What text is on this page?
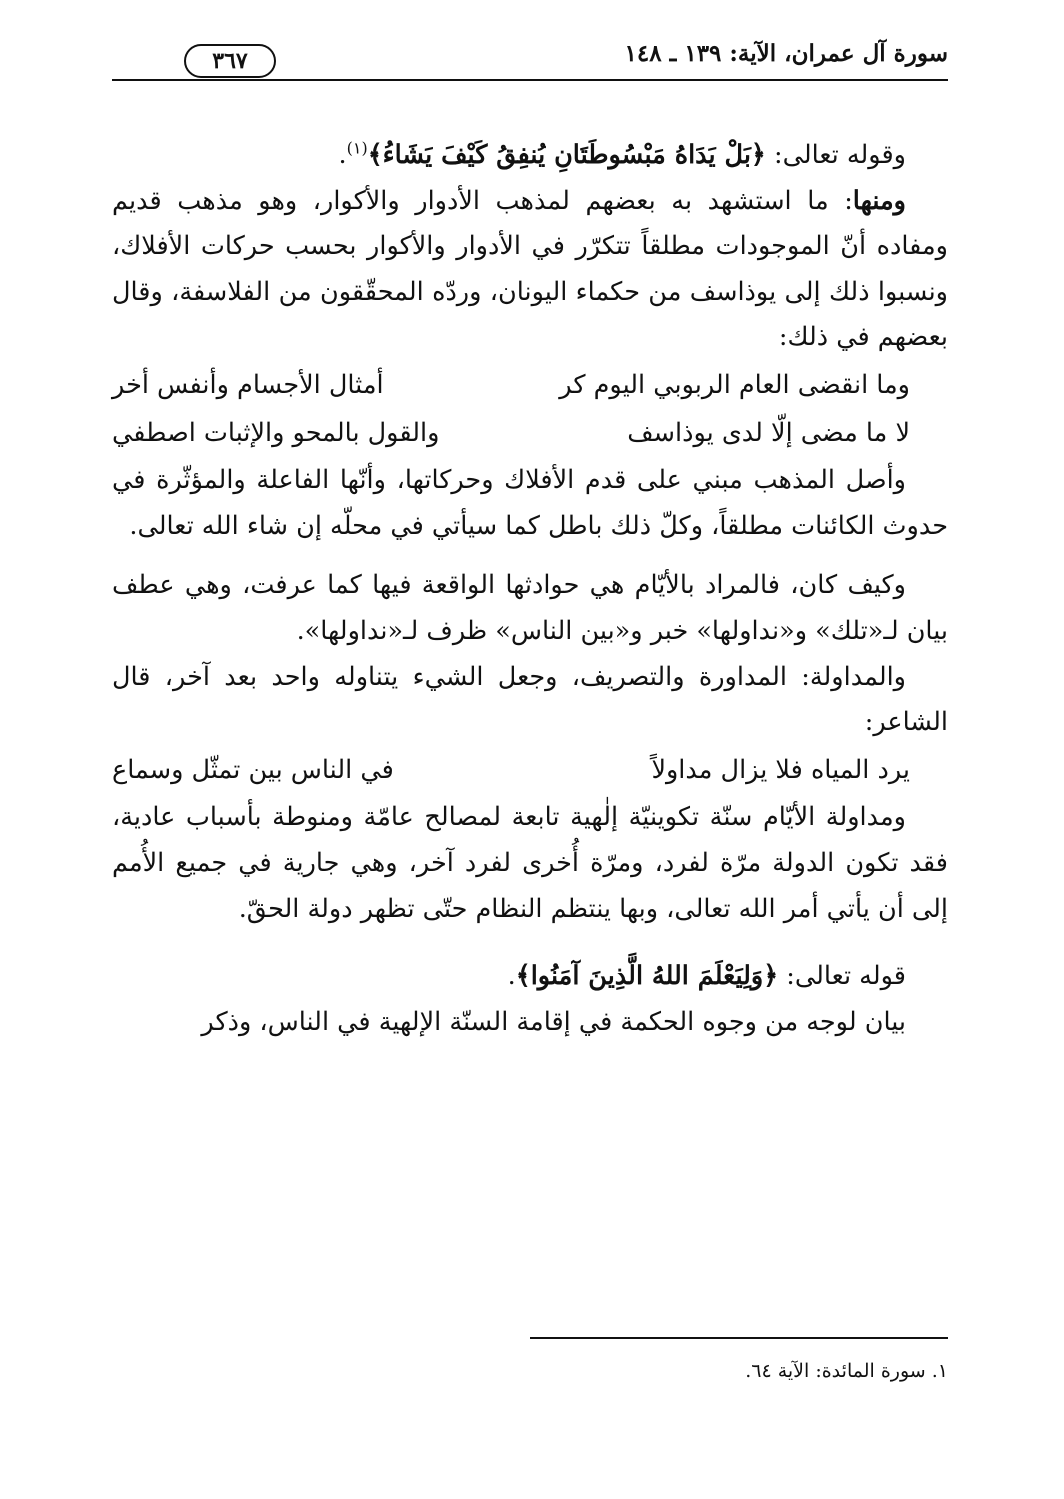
سورة آل عمران، الآية: ١٣٩ ـ ١٤٨
٣٦٧

وقوله تعالى: ﴿بَلْ يَدَاهُ مَبْسُوطَتَانِ يُنفِقُ كَيْفَ يَشَاءُ﴾$^{(١)}$.

ومنها: ما استشهد به بعضهم لمذهب الأدوار والأكوار، وهو مذهب قديم ومفاده أنّ الموجودات مطلقاً تتكرّر في الأدوار والأكوار بحسب حركات الأفلاك، ونسبوا ذلك إلى يوذاسف من حكماء اليونان، وردّه المحقّقون من الفلاسفة، وقال بعضهم في ذلك:

وما انقضى العام الربوبي اليوم كر
أمثال الأجسام وأنفس أخر
لا ما مضى إلّا لدى يوذاسف
والقول بالمحو والإثبات اصطفي

وأصل المذهب مبني على قدم الأفلاك وحركاتها، وأنّها الفاعلة والمؤثّرة في حدوث الكائنات مطلقاً، وكلّ ذلك باطل كما سيأتي في محلّه إن شاء الله تعالى.

وكيف كان، فالمراد بالأيّام هي حوادثها الواقعة فيها كما عرفت، وهي عطف بيان لـ«تلك» و«نداولها» خبر و«بين الناس» ظرف لـ«نداولها».

والمداولة: المداورة والتصريف، وجعل الشيء يتناوله واحد بعد آخر، قال الشاعر:

يرد المياه فلا يزال مداولاً
في الناس بين تمثّل وسماع

ومداولة الأيّام سنّة تكوينيّة إلٰهية تابعة لمصالح عامّة ومنوطة بأسباب عادية، فقد تكون الدولة مرّة لفرد، ومرّة أُخرى لفرد آخر، وهي جارية في جميع الأُمم إلى أن يأتي أمر الله تعالى، وبها ينتظم النظام حتّى تظهر دولة الحقّ.

قوله تعالى: ﴿وَلِيَعْلَمَ اللهُ الَّذِينَ آمَنُوا﴾.

بيان لوجه من وجوه الحكمة في إقامة السنّة الإلهية في الناس، وذكر

١. سورة المائدة: الآية ٦٤.
